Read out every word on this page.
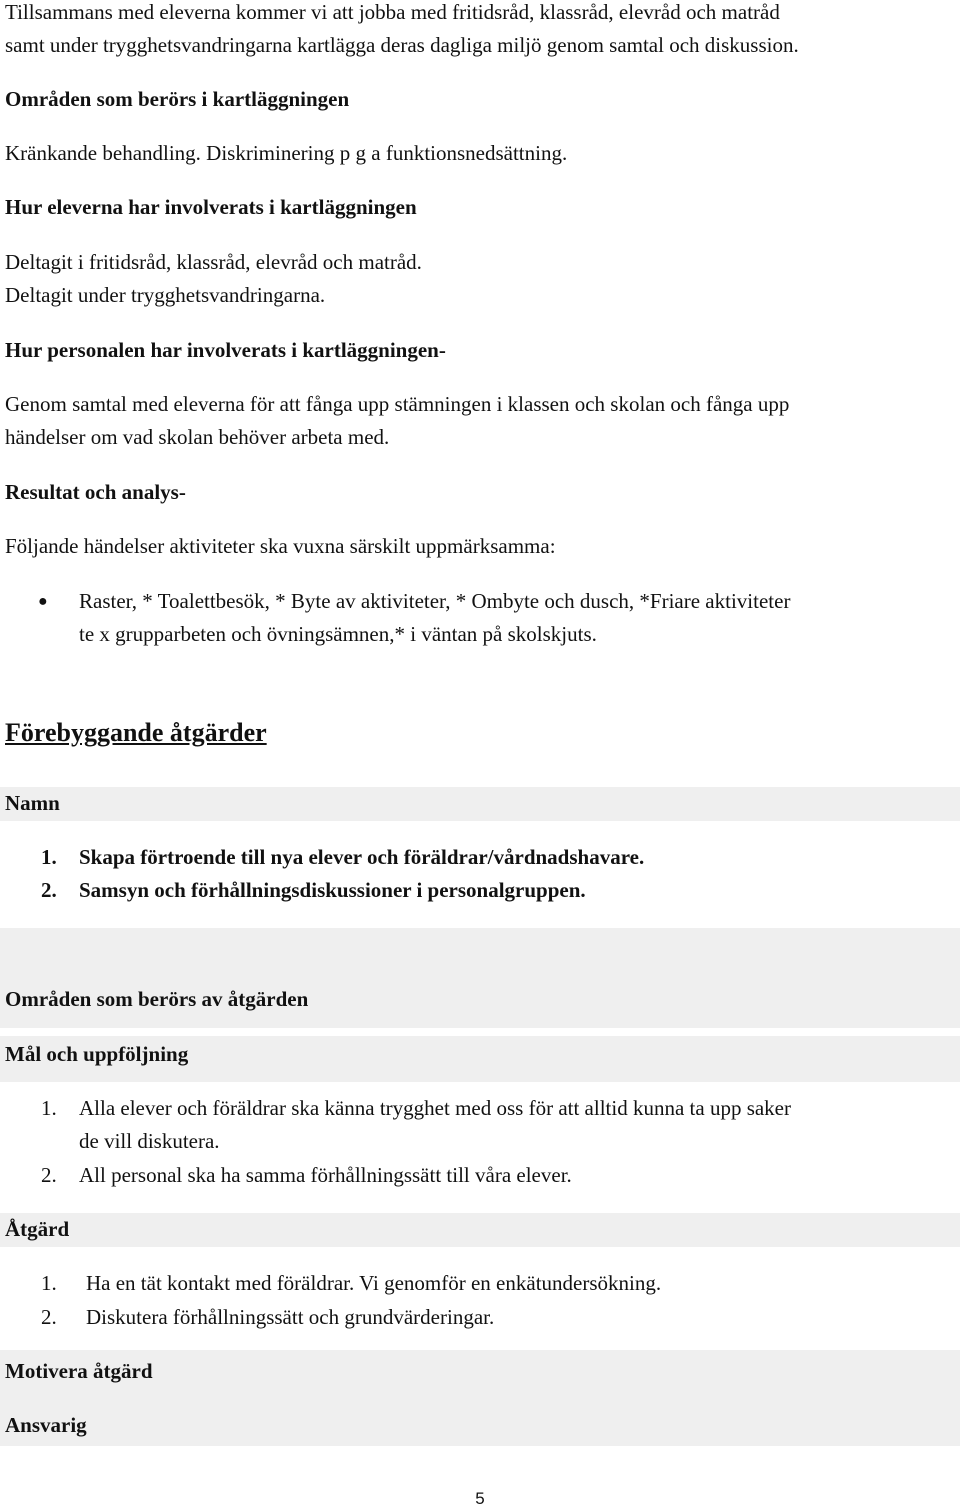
Tillsammans med eleverna kommer vi att jobba med fritidsråd, klassråd, elevråd och matråd
samt under trygghetsvandringarna kartlägga deras dagliga miljö genom samtal och diskussion.
Områden som berörs i kartläggningen
Kränkande behandling. Diskriminering p g a funktionsnedsättning.
Hur eleverna har involverats i kartläggningen
Deltagit i fritidsråd, klassråd, elevråd och matråd.
Deltagit under trygghetsvandringarna.
Hur personalen har involverats i kartläggningen-
Genom samtal med eleverna för att fånga upp stämningen i klassen och skolan och fånga upp
händelser om vad skolan behöver arbeta med.
Resultat och analys-
Följande händelser aktiviteter ska vuxna särskilt uppmärksamma:
● Raster, * Toalettbesök, * Byte av aktiviteter, * Ombyte och dusch, *Friare aktiviteter
te x grupparbeten och övningsämnen,* i väntan på skolskjuts.
Förebyggande åtgärder
Namn
1. Skapa förtroende till nya elever och föräldrar/vårdnadshavare.
2. Samsyn och förhållningsdiskussioner i personalgruppen.
Områden som berörs av åtgärden
Mål och uppföljning
1. Alla elever och föräldrar ska känna trygghet med oss för att alltid kunna ta upp saker
de vill diskutera.
2. All personal ska ha samma förhållningssätt till våra elever.
Åtgärd
1. Ha en tät kontakt med föräldrar. Vi genomför en enkätundersökning.
2. Diskutera förhållningssätt och grundvärderingar.
Motivera åtgärd
Ansvarig
5
